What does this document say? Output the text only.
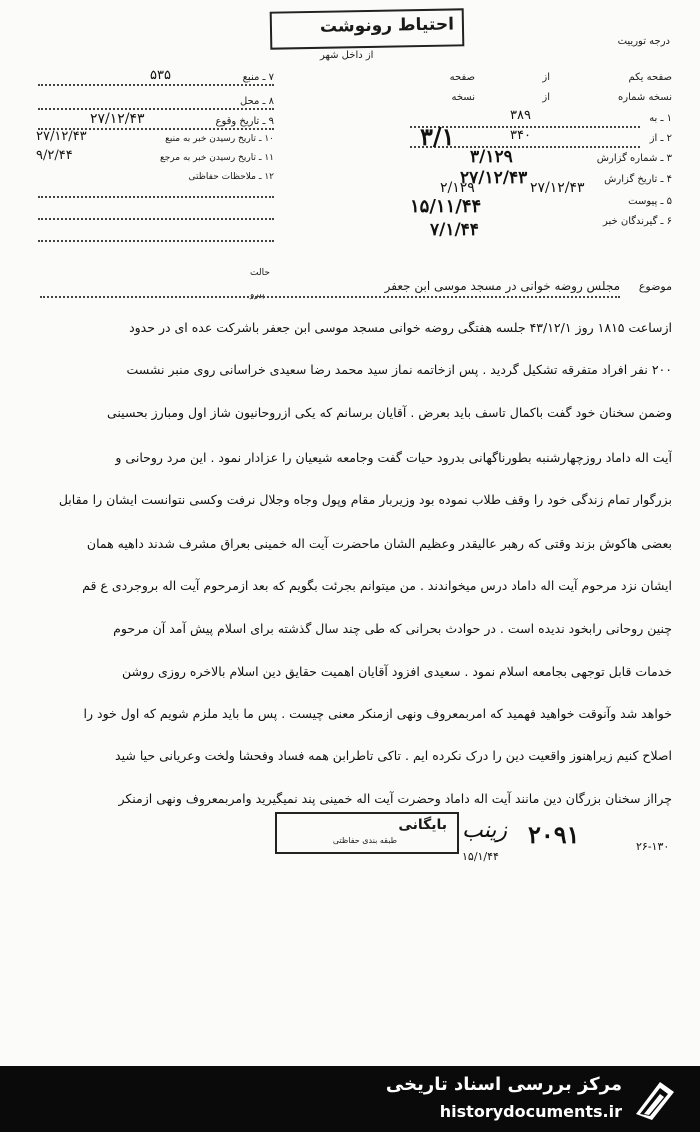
احتیاط رونوشت
از داخل شهر
درجه تورییت
۷ ـ منبع
۵۳۵
۸ ـ محل
۹ ـ تاریخ وقوع
۲۷/۱۲/۴۳
۱۰ ـ تاریخ رسیدن خبر به منبع
۲۷/۱۲/۴۳
۱۱ ـ تاریخ رسیدن خبر به مرجع
۹/۲/۴۴
۱۲ ـ ملاحظات حفاظتی
صفحه یکم
از
صفحه
نسخه شماره
از
نسخه
۱ ـ به
۳۸۹
۲ ـ از
۳۴۰
۳ ـ شماره گزارش
۳/۱۲۹
۴ ـ تاریخ گزارش
۲۷/۱۲/۴۳
۵ ـ پیوست
۱۵/۱۱/۴۴
۶ ـ گیرندگان خبر
۷/۱/۴۴
۳/۱
۲/۱۲۹	۲۷/۱۲/۴۳
حالت
پیرو
موضوع
مجلس روضه خوانی در مسجد موسی ابن جعفر
ازساعت ۱۸۱۵ روز ۴۳/۱۲/۱ جلسه هفتگی روضه خوانی مسجد موسی ابن جعفر باشرکت عده ای در حدود
۲۰۰ نفر افراد متفرقه تشکیل گردید . پس ازخاتمه نماز سید محمد رضا سعیدی خراسانی روی منبر نشست
وضمن سخنان خود گفت باکمال تاسف باید بعرض . آقایان برسانم که یکی ازروحانیون شاز اول ومبارز بحسینی
آیت اله داماد روزچهارشنبه بطورناگهانی بدرود حیات گفت وجامعه شیعیان را عزادار نمود . این مرد روحانی و
بزرگوار تمام زندگی خود را وقف طلاب نموده بود وزیربار مقام وپول وجاه وجلال نرفت وکسی نتوانست ایشان را مقابل
بعضی هاکوش بزند وقتی که رهبر عالیقدر وعظیم الشان ماحضرت آیت اله خمینی بعراق مشرف شدند داهیه همان
ایشان نزد مرحوم آیت اله داماد درس میخواندند . من میتوانم بجرئت بگویم که بعد ازمرحوم آیت اله بروجردی ع قم
چنین روحانی رابخود ندیده است . در حوادث بحرانی که طی چند سال گذشته برای اسلام پیش آمد آن مرحوم
خدمات قابل توجهی بجامعه اسلام نمود . سعیدی افزود آقایان اهمیت حقایق دین اسلام بالاخره روزی روشن
خواهد شد وآنوقت خواهید فهمید که امربمعروف ونهی ازمنکر معنی چیست . پس ما باید ملزم شویم که اول خود را
اصلاح کنیم زیراهنوز واقعیت دین را درک نکرده ایم . تاکی تاطرابن همه فساد وفحشا ولخت وعریانی حیا شید
چرااز سخنان بزرگان دین مانند آیت اله داماد وحضرت آیت اله خمینی پند نمیگیرید وامربمعروف ونهی ازمنکر
بایگانی
طبقه بندی حفاظتی	زینب ۲۰۹۱
۱۵/۱/۴۴
۲۶-۱۳۰
مرکز بررسی اسناد تاریخی
historydocuments.ir
